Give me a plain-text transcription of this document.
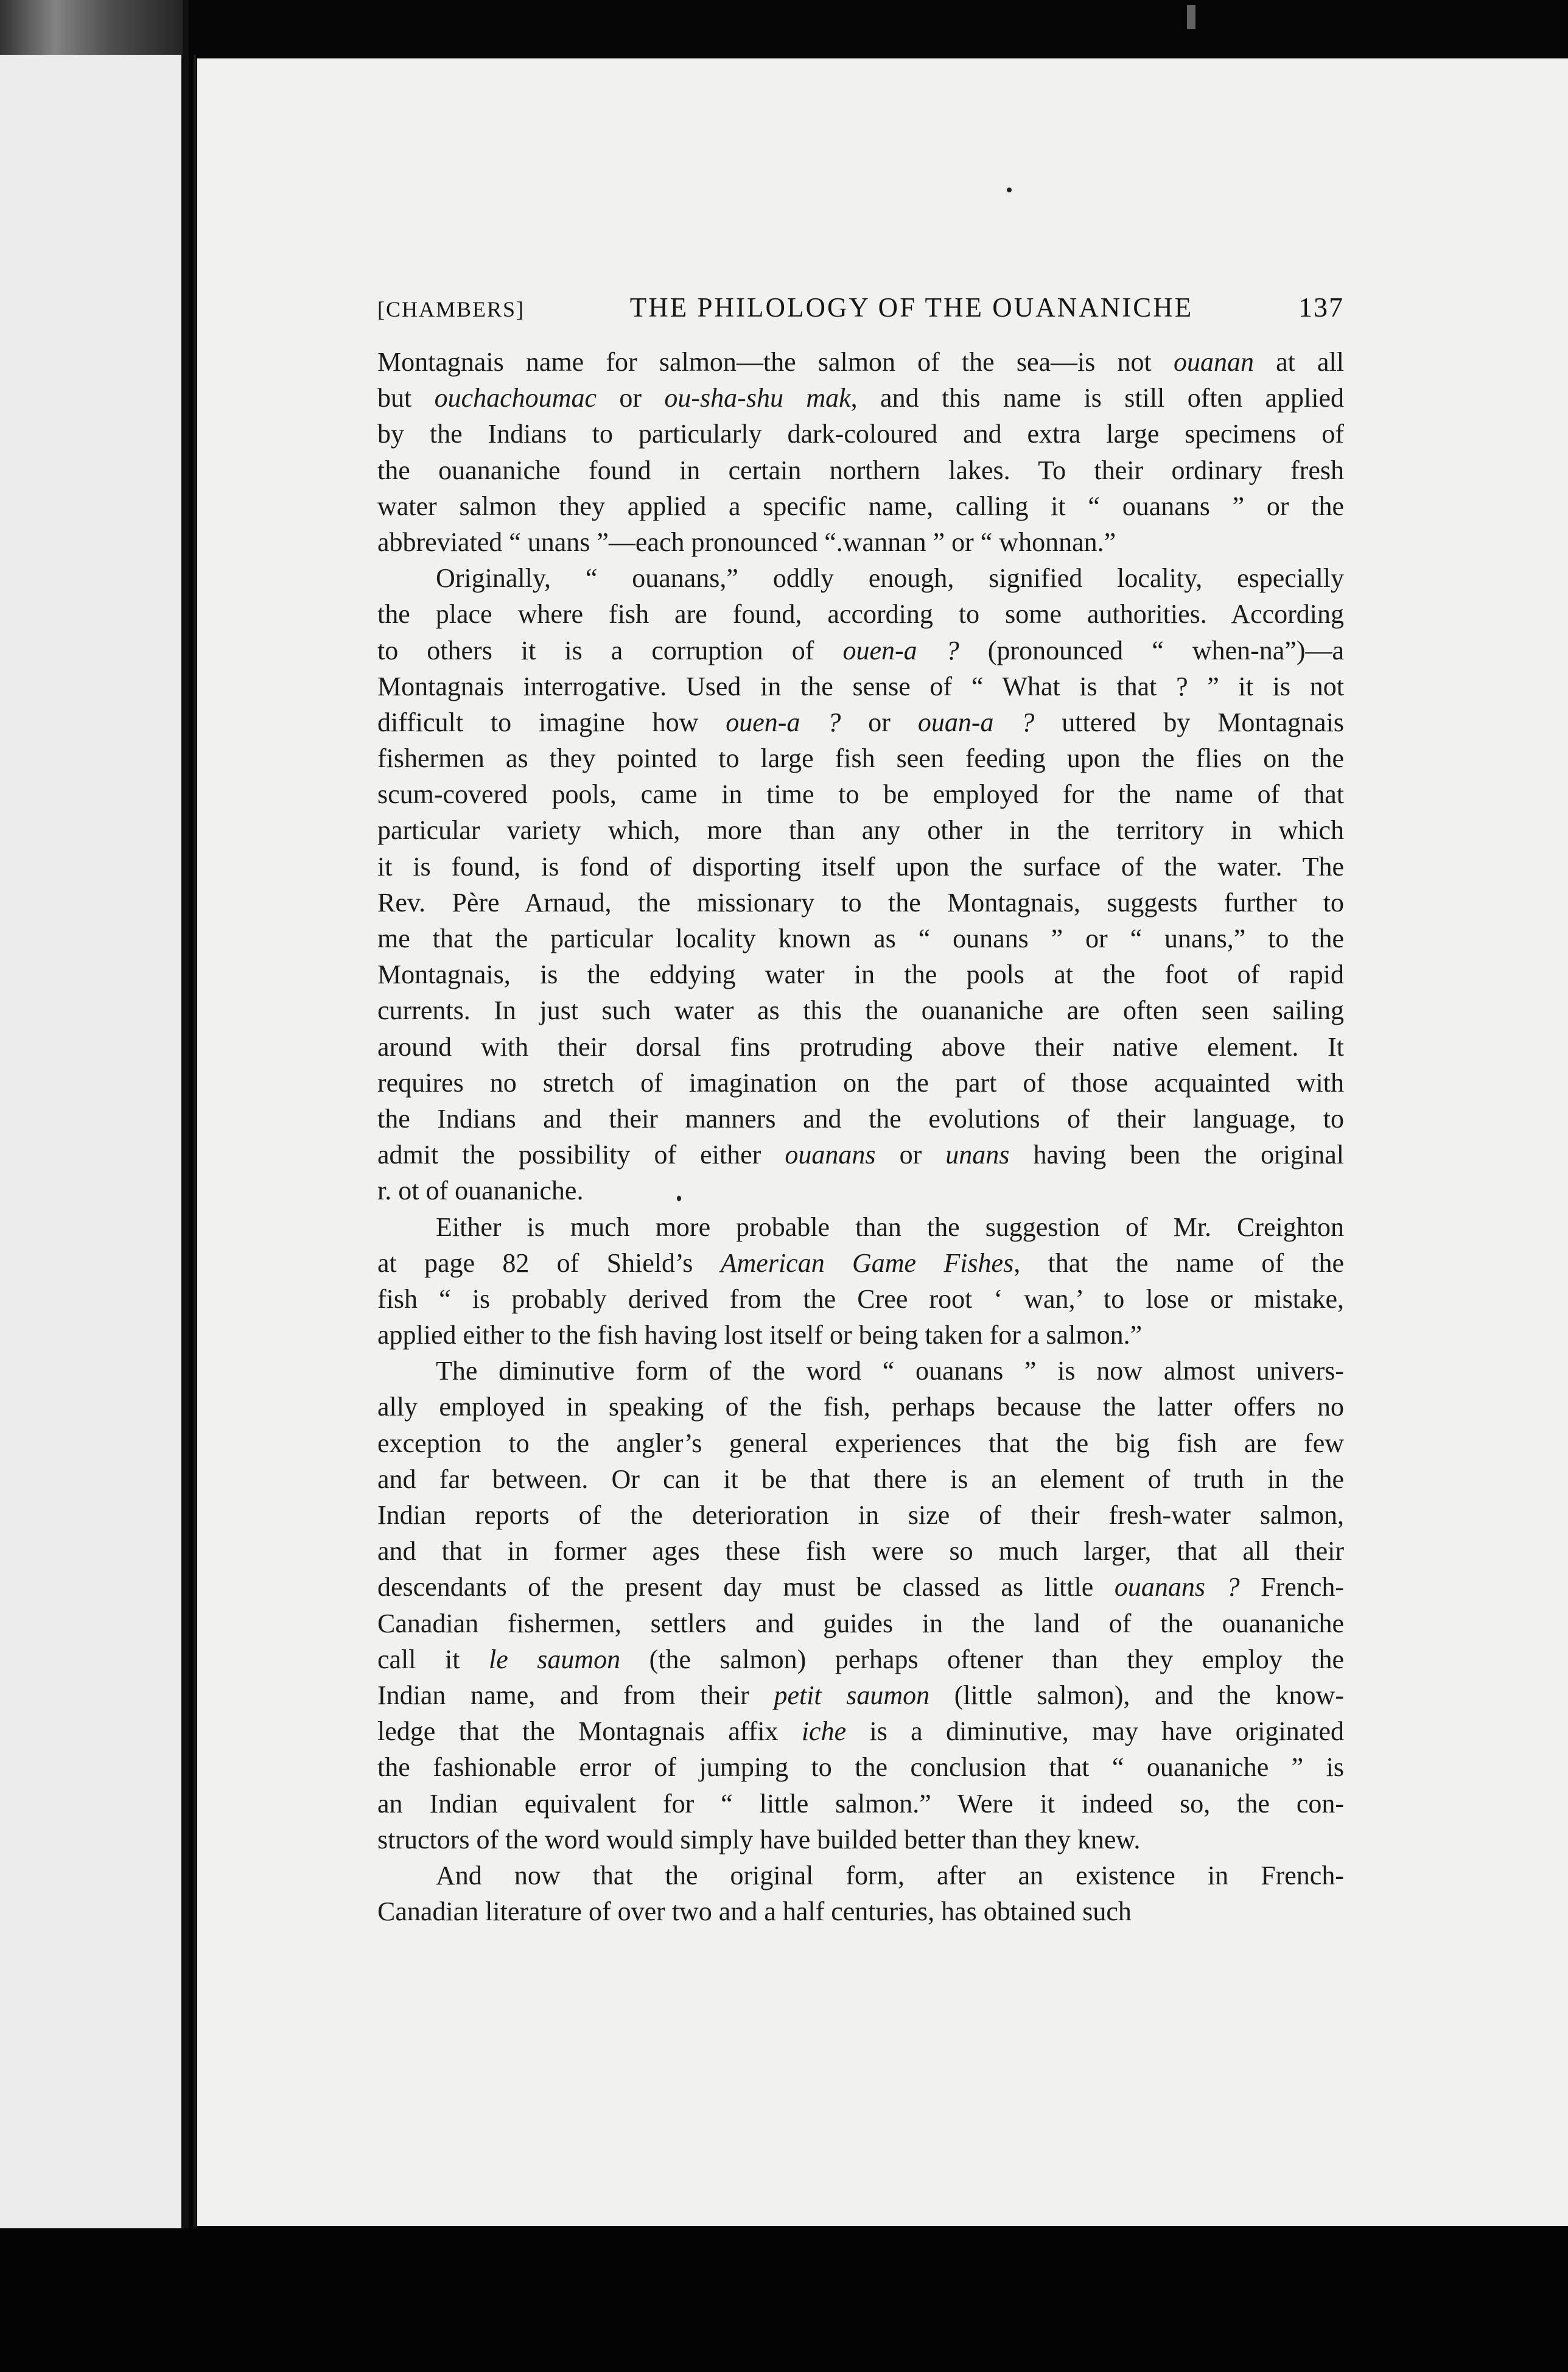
[CHAMBERS]	THE PHILOLOGY OF THE OUANANICHE	137
Montagnais name for salmon—the salmon of the sea—is not ouanan at all
but ouchachoumac or ou-sha-shu mak, and this name is still often applied
by the Indians to particularly dark-coloured and extra large specimens of
the ouananiche found in certain northern lakes. To their ordinary fresh
water salmon they applied a specific name, calling it “ ouanans ” or the
abbreviated “ unans ”—each pronounced “.wannan ” or “ whonnan.”
Originally, “ ouanans,” oddly enough, signified locality, especially
the place where fish are found, according to some authorities. According
to others it is a corruption of ouen-a ? (pronounced “ when-na”)—a
Montagnais interrogative. Used in the sense of “ What is that ? ” it is not
difficult to imagine how ouen-a ? or ouan-a ? uttered by Montagnais
fishermen as they pointed to large fish seen feeding upon the flies on the
scum-covered pools, came in time to be employed for the name of that
particular variety which, more than any other in the territory in which
it is found, is fond of disporting itself upon the surface of the water. The
Rev. Père Arnaud, the missionary to the Montagnais, suggests further to
me that the particular locality known as “ ounans ” or “ unans,” to the
Montagnais, is the eddying water in the pools at the foot of rapid
currents. In just such water as this the ouananiche are often seen sailing
around with their dorsal fins protruding above their native element. It
requires no stretch of imagination on the part of those acquainted with
the Indians and their manners and the evolutions of their language, to
admit the possibility of either ouanans or unans having been the original
r. ot of ouananiche.
Either is much more probable than the suggestion of Mr. Creighton
at page 82 of Shield’s American Game Fishes, that the name of the
fish “ is probably derived from the Cree root ‘ wan,’ to lose or mistake,
applied either to the fish having lost itself or being taken for a salmon.”
The diminutive form of the word “ ouanans ” is now almost univers-
ally employed in speaking of the fish, perhaps because the latter offers no
exception to the angler’s general experiences that the big fish are few
and far between. Or can it be that there is an element of truth in the
Indian reports of the deterioration in size of their fresh-water salmon,
and that in former ages these fish were so much larger, that all their
descendants of the present day must be classed as little ouanans ? French-
Canadian fishermen, settlers and guides in the land of the ouananiche
call it le saumon (the salmon) perhaps oftener than they employ the
Indian name, and from their petit saumon (little salmon), and the know-
ledge that the Montagnais affix iche is a diminutive, may have originated
the fashionable error of jumping to the conclusion that “ ouananiche ” is
an Indian equivalent for “ little salmon.” Were it indeed so, the con-
structors of the word would simply have builded better than they knew.
And now that the original form, after an existence in French-
Canadian literature of over two and a half centuries, has obtained such
